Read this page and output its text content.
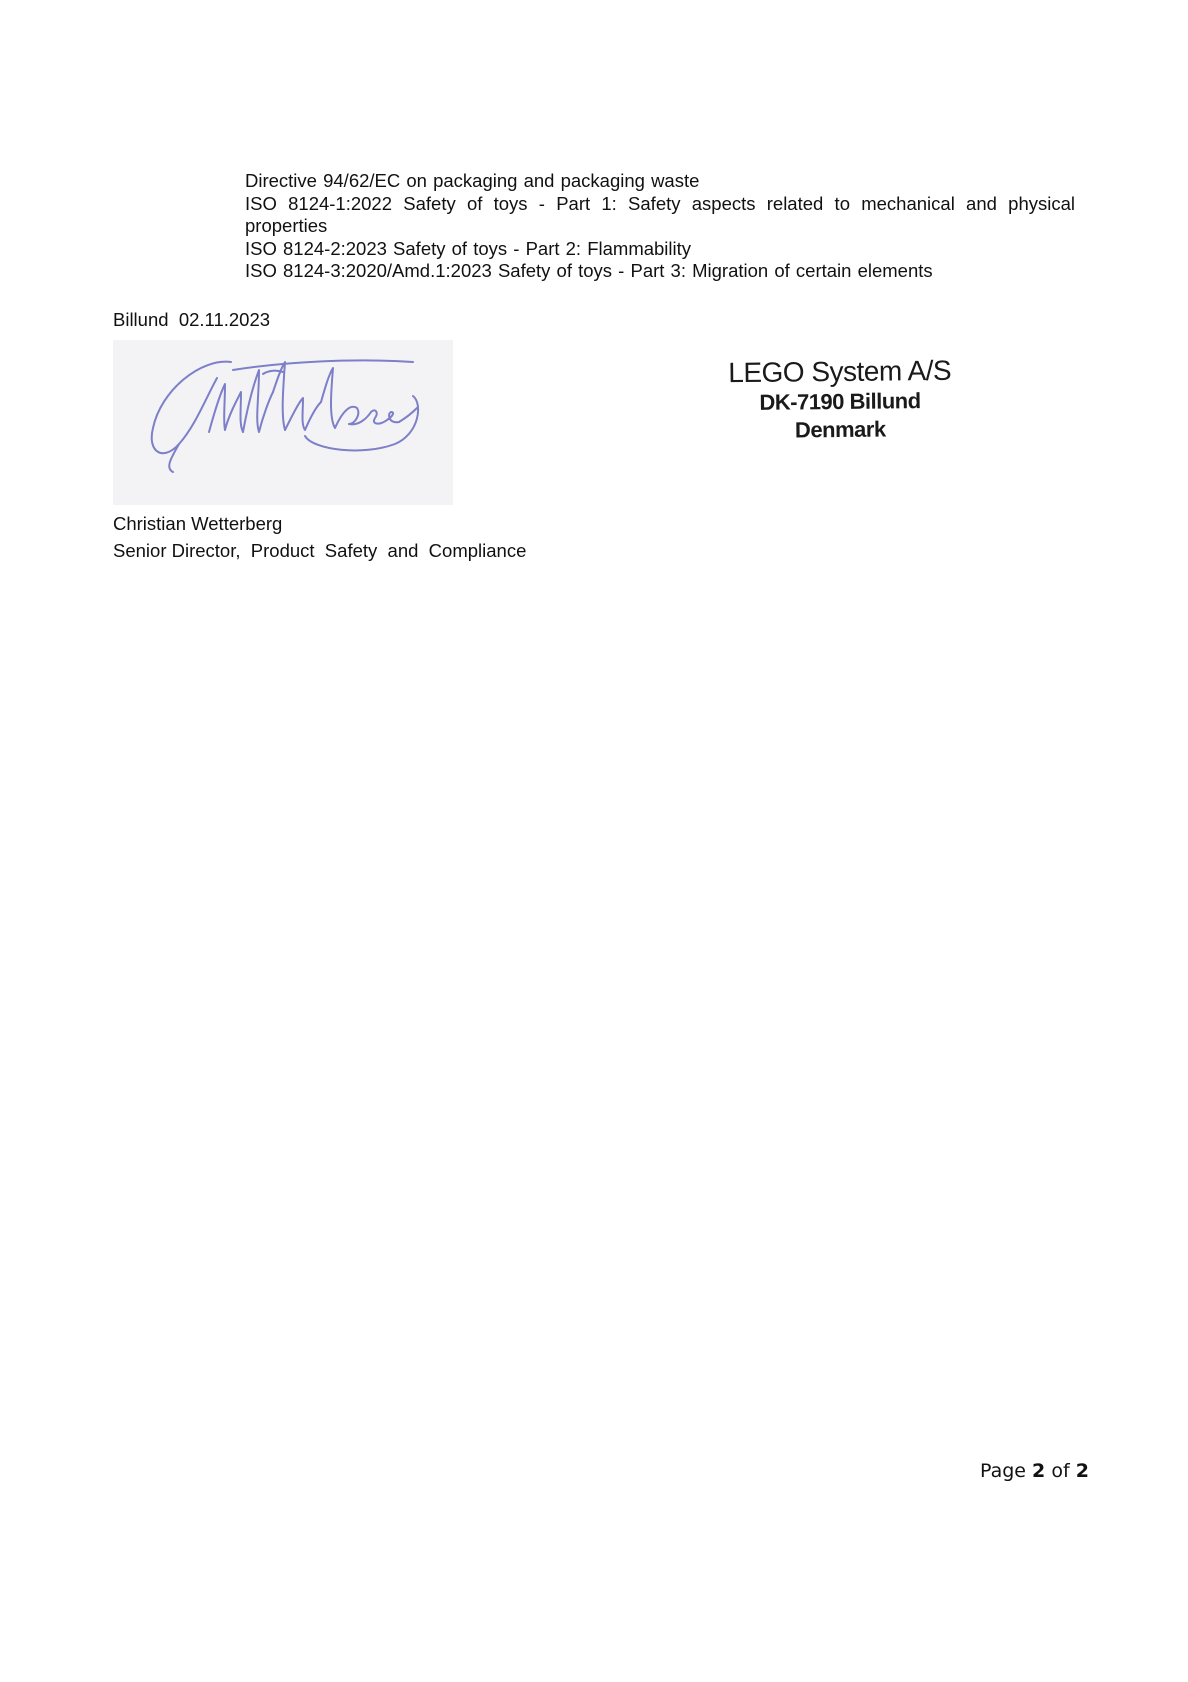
Directive 94/62/EC on packaging and packaging waste
ISO 8124-1:2022 Safety of toys - Part 1: Safety aspects related to mechanical and physical properties
ISO 8124-2:2023 Safety of toys - Part 2: Flammability
ISO 8124-3:2020/Amd.1:2023 Safety of toys - Part 3: Migration of certain elements
Billund  02.11.2023
LEGO System A/S
DK-7190 Billund
Denmark
Christian Wetterberg
Senior Director,  Product  Safety  and  Compliance
Page 2 of 2
